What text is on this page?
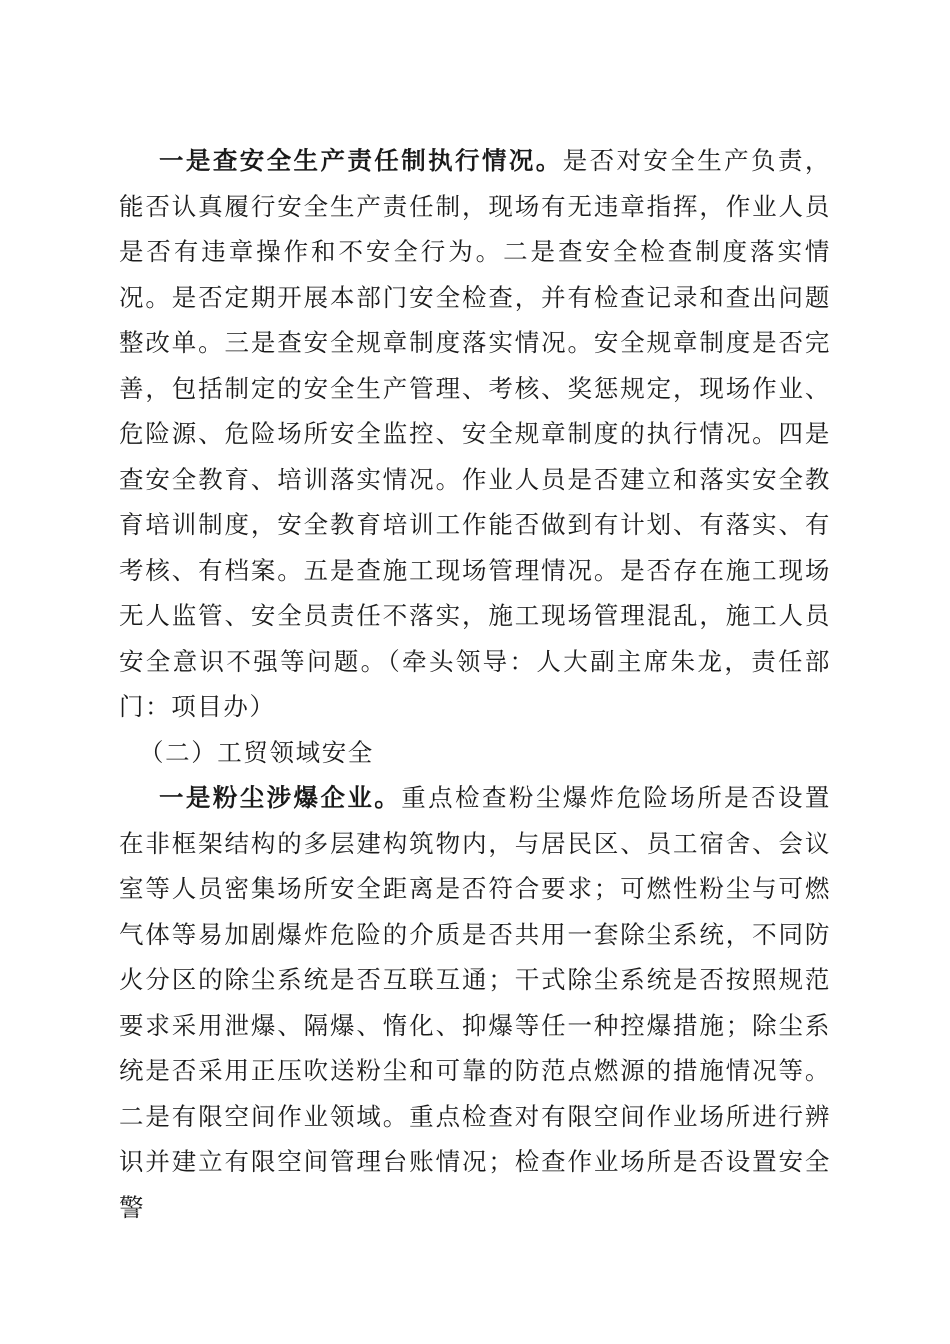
一是查安全生产责任制执行情况。是否对安全生产负责，能否认真履行安全生产责任制，现场有无违章指挥，作业人员是否有违章操作和不安全行为。二是查安全检查制度落实情况。是否定期开展本部门安全检查，并有检查记录和查出问题整改单。三是查安全规章制度落实情况。安全规章制度是否完善，包括制定的安全生产管理、考核、奖惩规定，现场作业、危险源、危险场所安全监控、安全规章制度的执行情况。四是查安全教育、培训落实情况。作业人员是否建立和落实安全教育培训制度，安全教育培训工作能否做到有计划、有落实、有考核、有档案。五是查施工现场管理情况。是否存在施工现场无人监管、安全员责任不落实，施工现场管理混乱，施工人员安全意识不强等问题。（牵头领导：人大副主席朱龙，责任部门：项目办）

（二）工贸领域安全

一是粉尘涉爆企业。重点检查粉尘爆炸危险场所是否设置在非框架结构的多层建构筑物内，与居民区、员工宿舍、会议室等人员密集场所安全距离是否符合要求；可燃性粉尘与可燃气体等易加剧爆炸危险的介质是否共用一套除尘系统，不同防火分区的除尘系统是否互联互通；干式除尘系统是否按照规范要求采用泄爆、隔爆、惰化、抑爆等任一种控爆措施；除尘系统是否采用正压吹送粉尘和可靠的防范点燃源的措施情况等。二是有限空间作业领域。重点检查对有限空间作业场所进行辨识并建立有限空间管理台账情况；检查作业场所是否设置安全警
